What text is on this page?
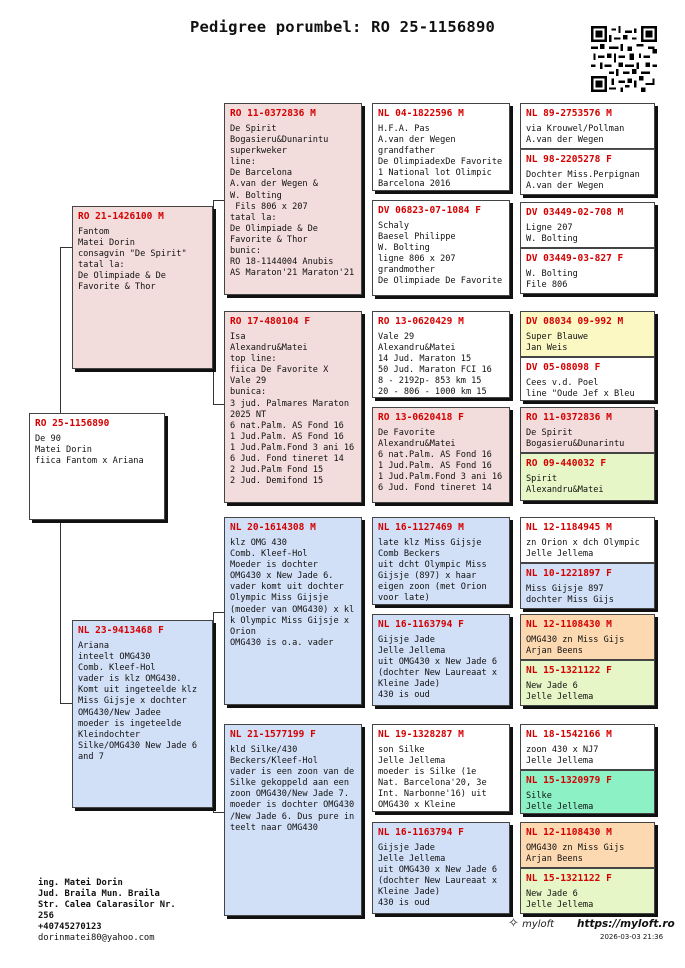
Pedigree porumbel: RO 25-1156890
RO 25-1156890
De 90
Matei Dorin
fiica Fantom x Ariana
RO 21-1426100 M
Fantom
Matei Dorin
consagvin "De Spirit"
tatal la:
De Olimpiade & De
Favorite & Thor
NL 23-9413468 F
Ariana
inteelt OMG430
Comb. Kleef-Hol
vader is klz OMG430.
Komt uit ingeteelde klz
Miss Gijsje x dochter
OMG430/New Jadee
moeder is ingeteelde
Kleindochter
Silke/OMG430 New Jade 6
and 7
RO 11-0372836 M
De Spirit
Bogasieru&Dunarintu
superkweker
line:
De Barcelona
A.van der Wegen &
W. Bolting
Fils 806 x 207
tatal la:
De Olimpiade & De
Favorite & Thor
bunic:
RO 18-1144004 Anubis
AS Maraton'21 Maraton'21
RO 17-480104 F
Isa
Alexandru&Matei
top line:
fiica De Favorite X
Vale 29
bunica:
3 jud. Palmares Maraton
2025 NT
6 nat.Palm. AS Fond 16
1 Jud.Palm. AS Fond 16
1 Jud.Palm.Fond 3 ani 16
6 Jud. Fond tineret 14
2 Jud.Palm Fond 15
2 Jud. Demifond 15
NL 20-1614308 M
klz OMG 430
Comb. Kleef-Hol
Moeder is dochter
OMG430 x New Jade 6.
vader komt uit dochter
Olympic Miss Gijsje
(moeder van OMG430) x kl
k Olympic Miss Gijsje x
Orion
OMG430 is o.a. vader
NL 21-1577199 F
kld Silke/430
Beckers/Kleef-Hol
vader is een zoon van de
Silke gekoppeld aan een
zoon OMG430/New Jade 7.
moeder is dochter OMG430
/New Jade 6. Dus pure in
teelt naar OMG430
NL 04-1822596 M
H.F.A. Pas
A.van der Wegen
grandfather
De OlimpiadexDe Favorite
1 National lot Olimpic
Barcelona 2016
DV 06823-07-1084 F
Schaly
Baesel Philippe
W. Bolting
ligne 806 x 207
grandmother
De Olimpiade De Favorite
RO 13-0620429 M
Vale 29
Alexandru&Matei
14 Jud. Maraton 15
50 Jud. Maraton FCI 16
8 - 2192p- 853 km 15
20 - 806 - 1000 km 15
RO 13-0620418 F
De Favorite
Alexandru&Matei
6 nat.Palm. AS Fond 16
1 Jud.Palm. AS Fond 16
1 Jud.Palm.Fond 3 ani 16
6 Jud. Fond tineret 14
NL 16-1127469 M
late klz Miss Gijsje
Comb Beckers
uit dcht Olympic Miss
Gijsje (897) x haar
eigen zoon (met Orion
voor late)
NL 16-1163794 F
Gijsje Jade
Jelle Jellema
uit OMG430 x New Jade 6
(dochter New Laureaat x
Kleine Jade)
430 is oud
NL 19-1328287 M
son Silke
Jelle Jellema
moeder is Silke (1e
Nat. Barcelona'20, 3e
Int. Narbonne'16) uit
OMG430 x Kleine
NL 16-1163794 F
Gijsje Jade
Jelle Jellema
uit OMG430 x New Jade 6
(dochter New Laureaat x
Kleine Jade)
430 is oud
NL 89-2753576 M
via Krouwel/Pollman
A.van der Wegen
NL 98-2205278 F
Dochter Miss.Perpignan
A.van der Wegen
DV 03449-02-708 M
Ligne 207
W. Bolting
DV 03449-03-827 F
W. Bolting
File 806
DV 08034 09-992 M
Super Blauwe
Jan Weis
DV 05-08098 F
Cees v.d. Poel
line "Oude Jef x Bleu
RO 11-0372836 M
De Spirit
Bogasieru&Dunarintu
RO 09-440032 F
Spirit
Alexandru&Matei
NL 12-1184945 M
zn Orion x dch Olympic
Jelle Jellema
NL 10-1221897 F
Miss Gijsje 897
dochter Miss Gijs
NL 12-1108430 M
OMG430 zn Miss Gijs
Arjan Beens
NL 15-1321122 F
New Jade 6
Jelle Jellema
NL 18-1542166 M
zoon 430 x NJ7
Jelle Jellema
NL 15-1320979 F
Silke
Jelle Jellema
NL 12-1108430 M
OMG430 zn Miss Gijs
Arjan Beens
NL 15-1321122 F
New Jade 6
Jelle Jellema
ing. Matei Dorin
Jud. Braila Mun. Braila
Str. Calea Calarasilor Nr.
256
+40745270123
dorinmatei80@yahoo.com
✧ myloft https://myloft.ro
2026-03-03 21:36
